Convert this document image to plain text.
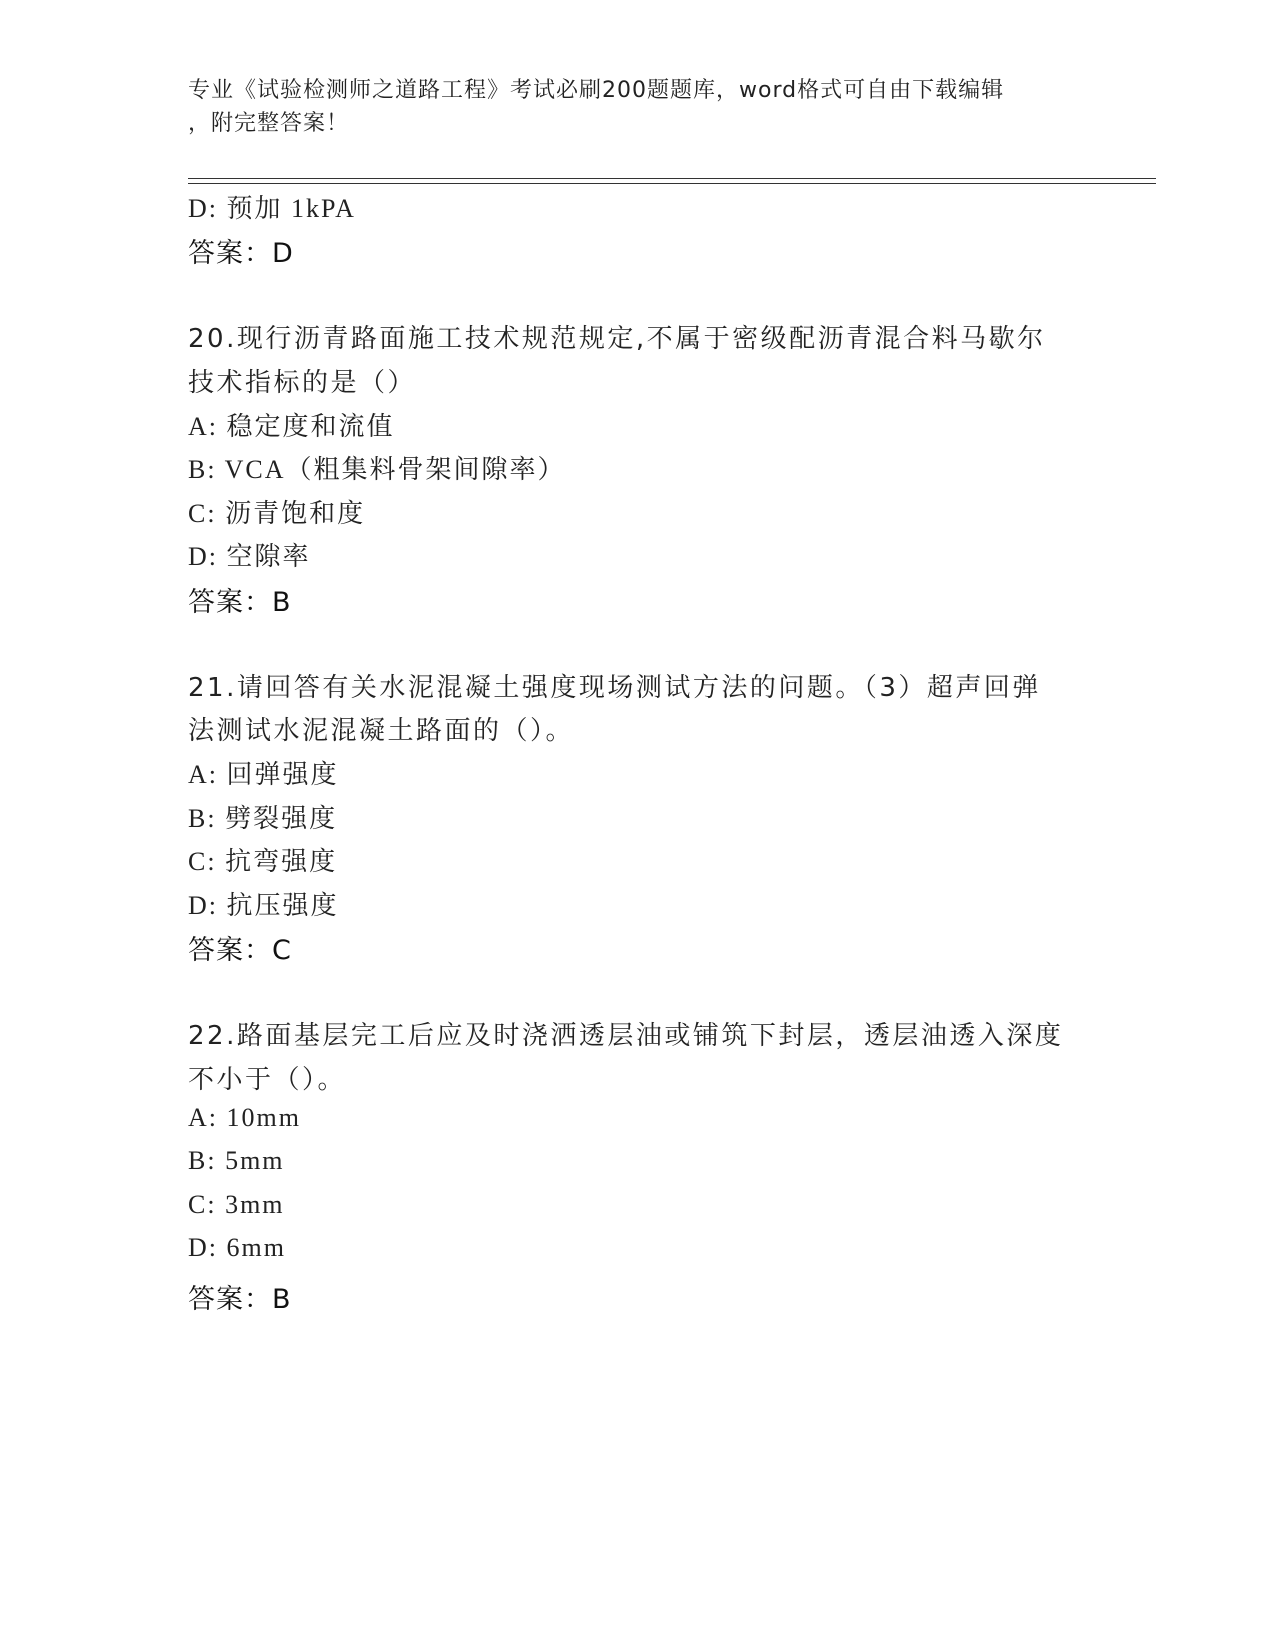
专业《试验检测师之道路工程》考试必刷200题题库，word格式可自由下载编辑
，附完整答案！
D: 预加 1kPA
答案：D
20.现行沥青路面施工技术规范规定,不属于密级配沥青混合料马歇尔
技术指标的是（）
A: 稳定度和流值
B: VCA（粗集料骨架间隙率）
C: 沥青饱和度
D: 空隙率
答案：B
21.请回答有关水泥混凝土强度现场测试方法的问题。（3）超声回弹
法测试水泥混凝土路面的（）。
A: 回弹强度
B: 劈裂强度
C: 抗弯强度
D: 抗压强度
答案：C
22.路面基层完工后应及时浇洒透层油或铺筑下封层，透层油透入深度
不小于（）。
A: 10mm
B: 5mm
C: 3mm
D: 6mm
答案：B
